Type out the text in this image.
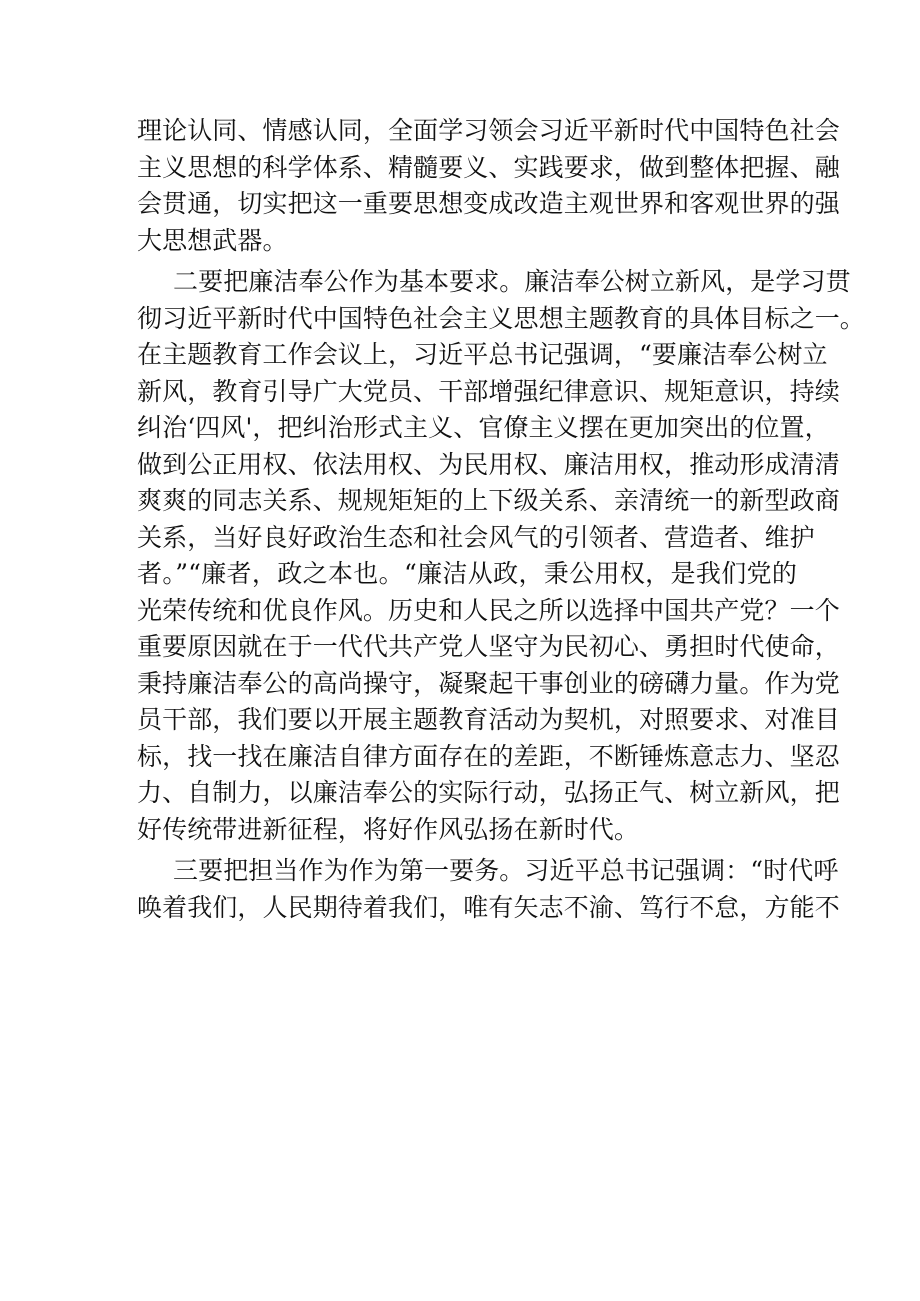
理论认同、情感认同，全面学习领会习近平新时代中国特色社会
主义思想的科学体系、精髓要义、实践要求，做到整体把握、融
会贯通，切实把这一重要思想变成改造主观世界和客观世界的强
大思想武器。
二要把廉洁奉公作为基本要求。廉洁奉公树立新风，是学习贯
彻习近平新时代中国特色社会主义思想主题教育的具体目标之一。
在主题教育工作会议上，习近平总书记强调，“要廉洁奉公树立
新风，教育引导广大党员、干部增强纪律意识、规矩意识，持续
纠治‘四风'，把纠治形式主义、官僚主义摆在更加突出的位置，
做到公正用权、依法用权、为民用权、廉洁用权，推动形成清清
爽爽的同志关系、规规矩矩的上下级关系、亲清统一的新型政商
关系，当好良好政治生态和社会风气的引领者、营造者、维护
者。”“廉者，政之本也。“廉洁从政，秉公用权，是我们党的
光荣传统和优良作风。历史和人民之所以选择中国共产党？一个
重要原因就在于一代代共产党人坚守为民初心、勇担时代使命，
秉持廉洁奉公的高尚操守，凝聚起干事创业的磅礴力量。作为党
员干部，我们要以开展主题教育活动为契机，对照要求、对准目
标，找一找在廉洁自律方面存在的差距，不断锤炼意志力、坚忍
力、自制力，以廉洁奉公的实际行动，弘扬正气、树立新风，把
好传统带进新征程，将好作风弘扬在新时代。
三要把担当作为作为第一要务。习近平总书记强调：“时代呼
唤着我们，人民期待着我们，唯有矢志不渝、笃行不怠，方能不
